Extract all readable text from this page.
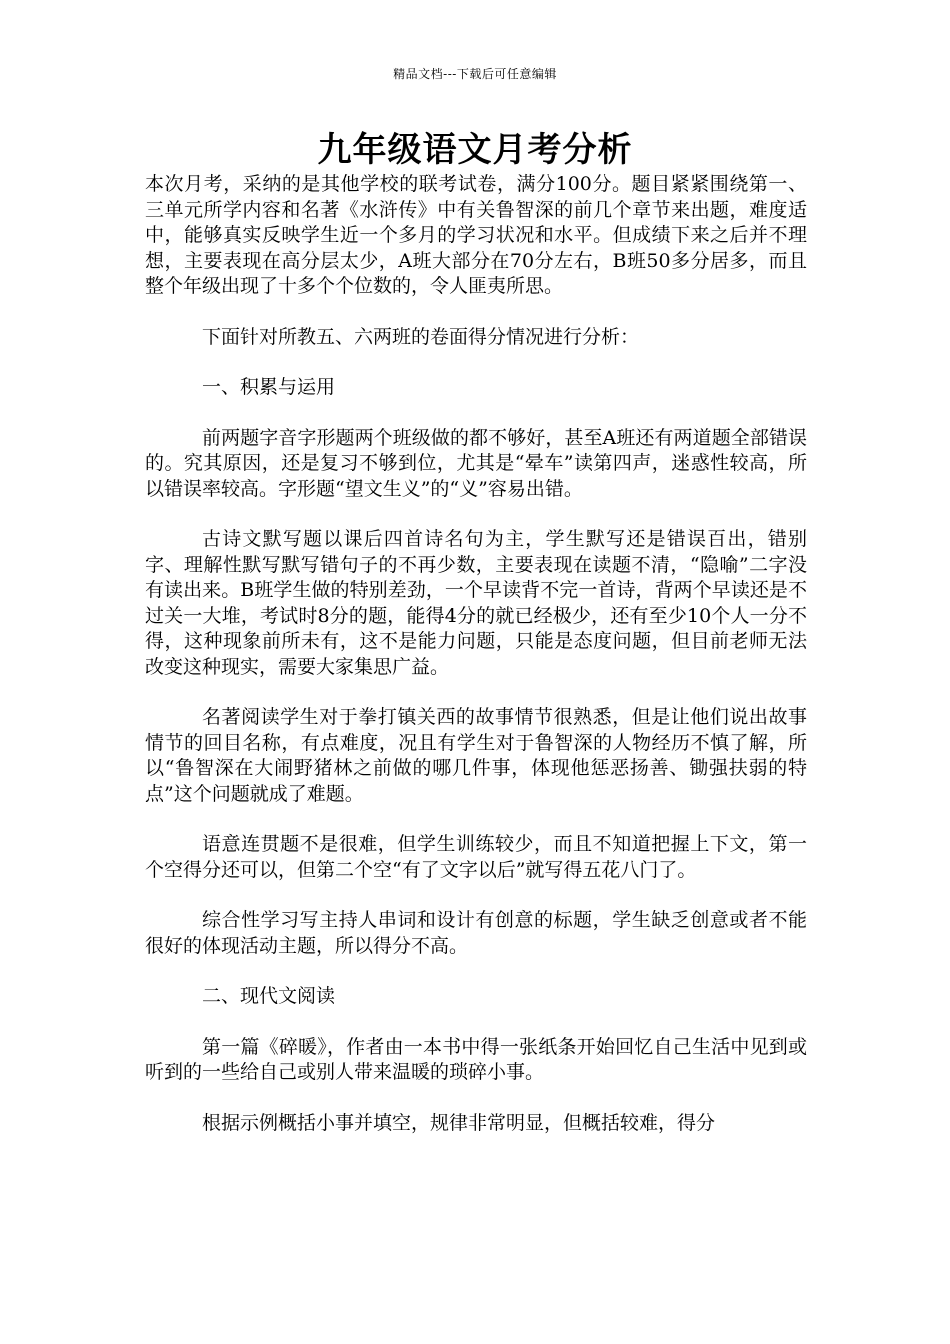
精品文档---下载后可任意编辑
九年级语文月考分析

本次月考，采纳的是其他学校的联考试卷，满分100分。题目紧紧围绕第一、三单元所学内容和名著《水浒传》中有关鲁智深的前几个章节来出题，难度适中，能够真实反映学生近一个多月的学习状况和水平。但成绩下来之后并不理想，主要表现在高分层太少，A班大部分在70分左右，B班50多分居多，而且整个年级出现了十多个个位数的，令人匪夷所思。

下面针对所教五、六两班的卷面得分情况进行分析：

一、积累与运用

前两题字音字形题两个班级做的都不够好，甚至A班还有两道题全部错误的。究其原因，还是复习不够到位，尤其是“晕车”读第四声，迷惑性较高，所以错误率较高。字形题“望文生义”的“义”容易出错。

古诗文默写题以课后四首诗名句为主，学生默写还是错误百出，错别字、理解性默写默写错句子的不再少数，主要表现在读题不清，“隐喻”二字没有读出来。B班学生做的特别差劲，一个早读背不完一首诗，背两个早读还是不过关一大堆，考试时8分的题，能得4分的就已经极少，还有至少10个人一分不得，这种现象前所未有，这不是能力问题，只能是态度问题，但目前老师无法改变这种现实，需要大家集思广益。

名著阅读学生对于拳打镇关西的故事情节很熟悉，但是让他们说出故事情节的回目名称，有点难度，况且有学生对于鲁智深的人物经历不慎了解，所以“鲁智深在大闹野猪林之前做的哪几件事，体现他惩恶扬善、锄强扶弱的特点”这个问题就成了难题。

语意连贯题不是很难，但学生训练较少，而且不知道把握上下文，第一个空得分还可以，但第二个空“有了文字以后”就写得五花八门了。

综合性学习写主持人串词和设计有创意的标题，学生缺乏创意或者不能很好的体现活动主题，所以得分不高。

二、现代文阅读

第一篇《碎暖》，作者由一本书中得一张纸条开始回忆自己生活中见到或听到的一些给自己或别人带来温暖的琐碎小事。

根据示例概括小事并填空，规律非常明显，但概括较难，得分
